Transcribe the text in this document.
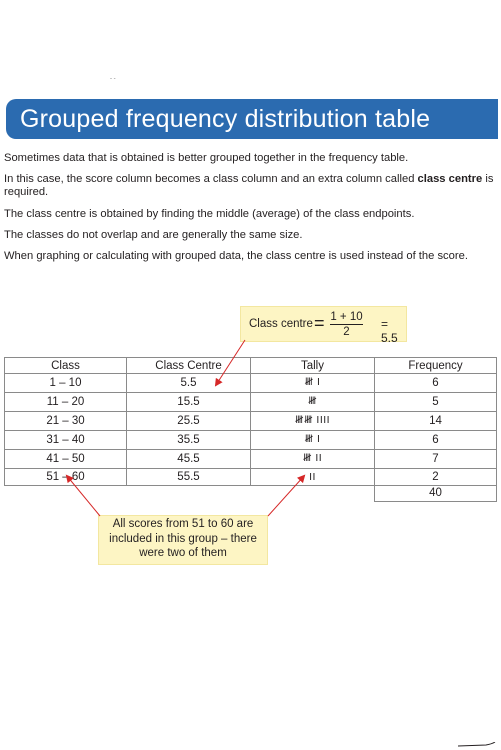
- -
Grouped frequency distribution table
Sometimes data that is obtained is better grouped together in the frequency table.
In this case, the score column becomes a class column and an extra column called class centre is required.
The class centre is obtained by finding the middle (average) of the class endpoints.
The classes do not overlap and are generally the same size.
When graphing or calculating with grouped data, the class centre is used instead of the score.
Class centre = $\frac{1 + 10}{2} = 5.5$
Class	Class Centre	Tally	Frequency
1 – 10	5.5	𝍸 I	6
11 – 20	15.5	𝍸	5
21 – 30	25.5	𝍸𝍸 IIII	14
31 – 40	35.5	𝍸 I	6
41 – 50	45.5	𝍸 II	7
51 – 60	55.5	II	2
			40
All scores from 51 to 60 are included in this group – there were two of them
